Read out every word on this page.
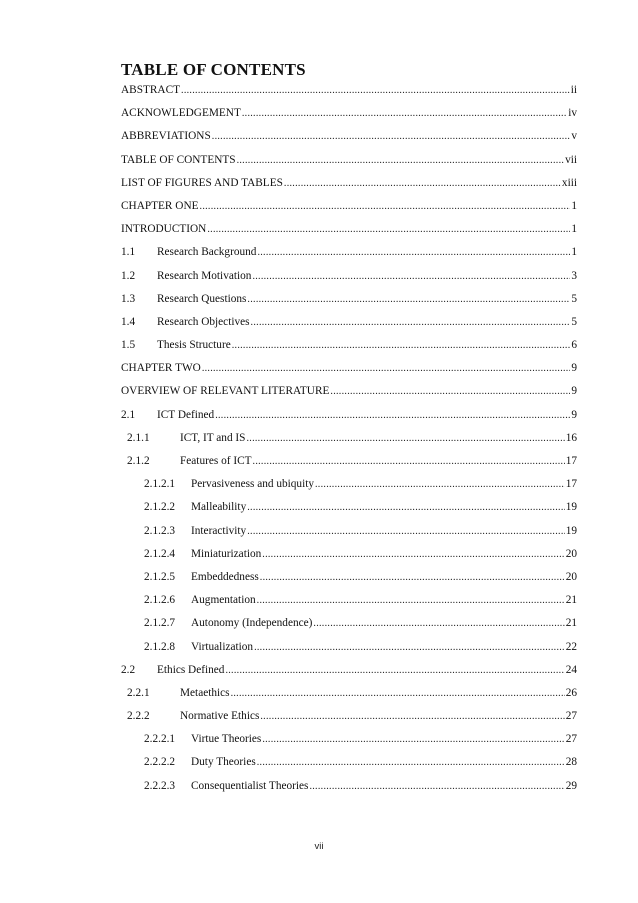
TABLE OF CONTENTS
ABSTRACT .....	ii
ACKNOWLEDGEMENT .....	iv
ABBREVIATIONS .....	v
TABLE OF CONTENTS .....	vii
LIST OF FIGURES AND TABLES .....	xiii
CHAPTER ONE .....	1
INTRODUCTION .....	1
1.1	Research Background .....	1
1.2	Research Motivation .....	3
1.3	Research Questions .....	5
1.4	Research Objectives .....	5
1.5	Thesis Structure .....	6
CHAPTER TWO .....	9
OVERVIEW OF RELEVANT LITERATURE .....	9
2.1	ICT Defined .....	9
2.1.1	ICT, IT and IS .....	16
2.1.2	Features of ICT .....	17
2.1.2.1	Pervasiveness and ubiquity .....	17
2.1.2.2	Malleability .....	19
2.1.2.3	Interactivity .....	19
2.1.2.4	Miniaturization .....	20
2.1.2.5	Embeddedness .....	20
2.1.2.6	Augmentation .....	21
2.1.2.7	Autonomy (Independence) .....	21
2.1.2.8	Virtualization .....	22
2.2	Ethics Defined .....	24
2.2.1	Metaethics .....	26
2.2.2	Normative Ethics .....	27
2.2.2.1	Virtue Theories .....	27
2.2.2.2	Duty Theories .....	28
2.2.2.3	Consequentialist Theories .....	29
vii
